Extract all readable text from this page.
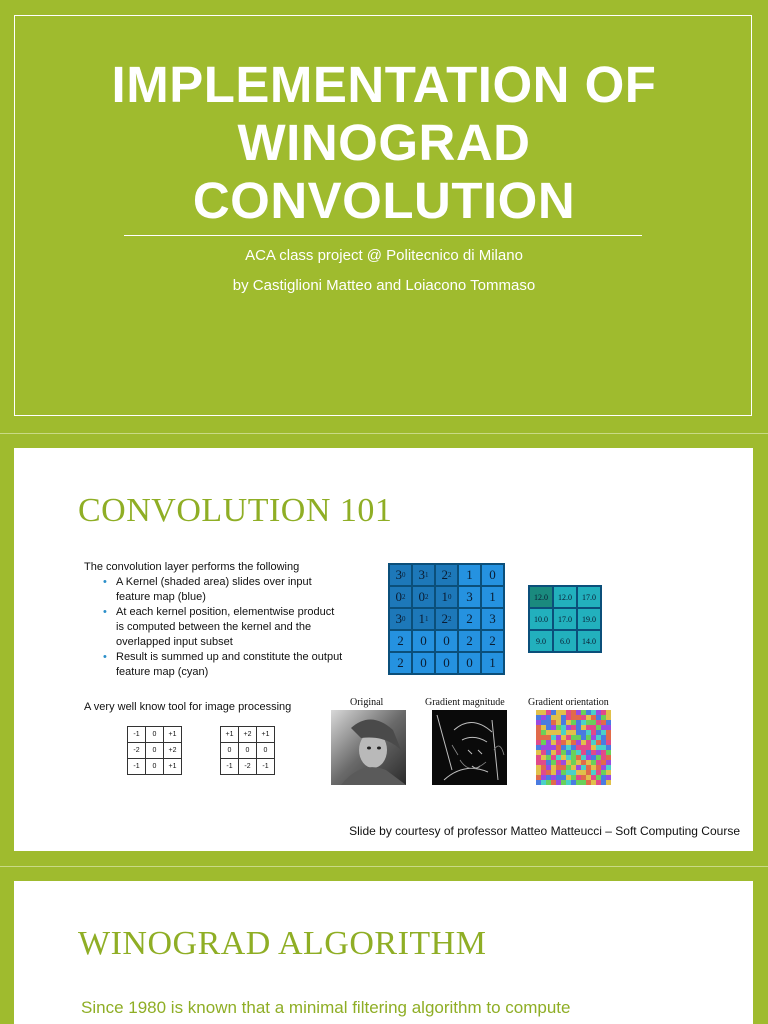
IMPLEMENTATION OF
WINOGRAD
CONVOLUTION
ACA class project @ Politecnico di Milano
by Castiglioni Matteo and Loiacono Tommaso
CONVOLUTION 101
The convolution layer performs the following
• A Kernel (shaded area) slides over input feature map (blue)
• At each kernel position, elementwise product is computed between the kernel and the overlapped input subset
• Result is summed up and constitute the output feature map (cyan)
3 0	3 1	2 2	1	0
0 2	0 2	1 0	3	1
3 0	1 1	2 2	2	3
2	0	0	2	2
2	0	0	0	1
12.0	12.0	17.0
10.0	17.0	19.0
9.0	6.0	14.0
A very well know tool for image processing
-1	0	+1
-2	0	+2
-1	0	+1
+1	+2	+1
0	0	0
-1	-2	-1
Original	Gradient magnitude Gradient orientation
Slide by courtesy of professor Matteo Matteucci – Soft Computing Course
WINOGRAD ALGORITHM
Since 1980 is known that a minimal filtering algorithm to compute
